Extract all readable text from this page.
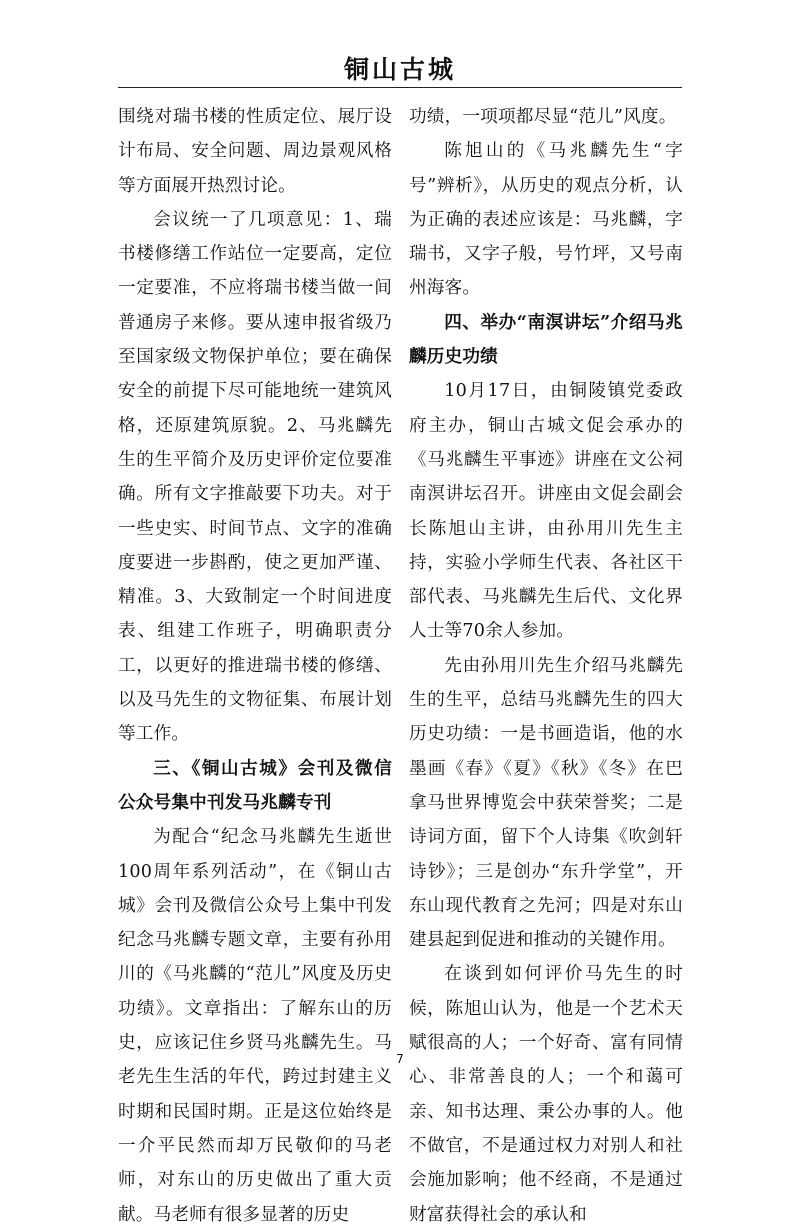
铜山古城

围绕对瑞书楼的性质定位、展厅设计布局、安全问题、周边景观风格等方面展开热烈讨论。

会议统一了几项意见：1、瑞书楼修缮工作站位一定要高，定位一定要准，不应将瑞书楼当做一间普通房子来修。要从速申报省级乃至国家级文物保护单位；要在确保安全的前提下尽可能地统一建筑风格，还原建筑原貌。2、马兆麟先生的生平简介及历史评价定位要准确。所有文字推敲要下功夫。对于一些史实、时间节点、文字的准确度要进一步斟酌，使之更加严谨、精准。3、大致制定一个时间进度表、组建工作班子，明确职责分工，以更好的推进瑞书楼的修缮、以及马先生的文物征集、布展计划等工作。

三、《铜山古城》会刊及微信公众号集中刊发马兆麟专刊

为配合“纪念马兆麟先生逝世100周年系列活动”，在《铜山古城》会刊及微信公众号上集中刊发纪念马兆麟专题文章，主要有孙用川的《马兆麟的“范儿”风度及历史功绩》。文章指出：了解东山的历史，应该记住乡贤马兆麟先生。马老先生生活的年代，跨过封建主义时期和民国时期。正是这位始终是一介平民然而却万民敬仰的马老师，对东山的历史做出了重大贡献。马老师有很多显著的历史

功绩，一项项都尽显“范儿”风度。

陈旭山的《马兆麟先生“字号”辨析》，从历史的观点分析，认为正确的表述应该是：马兆麟，字瑞书，又字子般，号竹坪，又号南州海客。

四、举办“南溟讲坛”介绍马兆麟历史功绩

10月17日，由铜陵镇党委政府主办，铜山古城文促会承办的《马兆麟生平事迹》讲座在文公祠南溟讲坛召开。讲座由文促会副会长陈旭山主讲，由孙用川先生主持，实验小学师生代表、各社区干部代表、马兆麟先生后代、文化界人士等70余人参加。

先由孙用川先生介绍马兆麟先生的生平，总结马兆麟先生的四大历史功绩：一是书画造诣，他的水墨画《春》《夏》《秋》《冬》在巴拿马世界博览会中获荣誉奖；二是诗词方面，留下个人诗集《吹剑轩诗钞》；三是创办“东升学堂”，开东山现代教育之先河；四是对东山建县起到促进和推动的关键作用。

在谈到如何评价马先生的时候，陈旭山认为，他是一个艺术天赋很高的人；一个好奇、富有同情心、非常善良的人；一个和蔼可亲、知书达理、秉公办事的人。他不做官，不是通过权力对别人和社会施加影响；他不经商，不是通过财富获得社会的承认和

7
